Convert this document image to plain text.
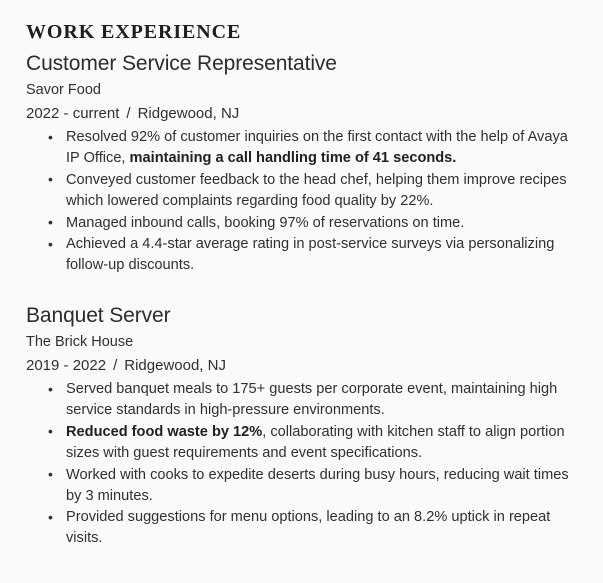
WORK EXPERIENCE
Customer Service Representative
Savor Food
2022 - current / Ridgewood, NJ
• Resolved 92% of customer inquiries on the first contact with the help of Avaya IP Office, maintaining a call handling time of 41 seconds.
• Conveyed customer feedback to the head chef, helping them improve recipes which lowered complaints regarding food quality by 22%.
• Managed inbound calls, booking 97% of reservations on time.
• Achieved a 4.4-star average rating in post-service surveys via personalizing follow-up discounts.
Banquet Server
The Brick House
2019 - 2022 / Ridgewood, NJ
• Served banquet meals to 175+ guests per corporate event, maintaining high service standards in high-pressure environments.
• Reduced food waste by 12%, collaborating with kitchen staff to align portion sizes with guest requirements and event specifications.
• Worked with cooks to expedite deserts during busy hours, reducing wait times by 3 minutes.
• Provided suggestions for menu options, leading to an 8.2% uptick in repeat visits.
